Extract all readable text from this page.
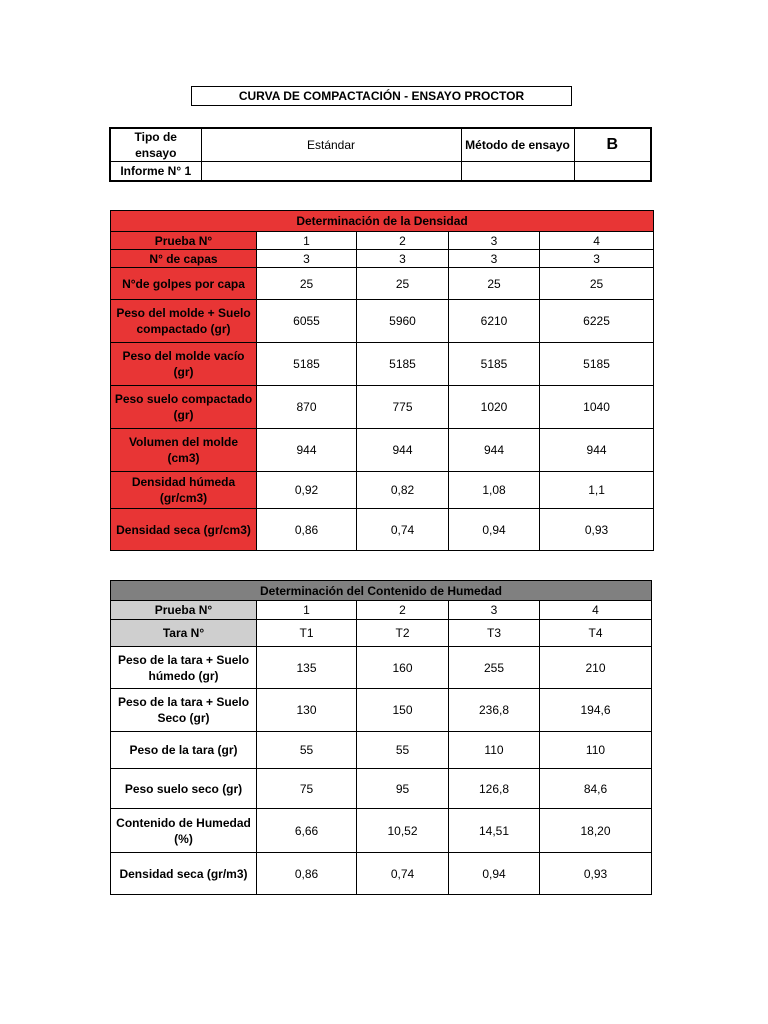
CURVA DE COMPACTACIÓN - ENSAYO PROCTOR
Tipo de ensayo	Estándar	Método de ensayo	B
Informe N° 1			
Determinación de la Densidad				
Prueba N°	1	2	3	4
N° de capas	3	3	3	3
N°de golpes por capa	25	25	25	25
Peso del molde + Suelo compactado (gr)	6055	5960	6210	6225
Peso del molde vacío (gr)	5185	5185	5185	5185
Peso suelo compactado (gr)	870	775	1020	1040
Volumen del molde (cm3)	944	944	944	944
Densidad húmeda (gr/cm3)	0,92	0,82	1,08	1,1
Densidad seca (gr/cm3)	0,86	0,74	0,94	0,93
Determinación del Contenido de Humedad				
Prueba N°	1	2	3	4
Tara N°	T1	T2	T3	T4
Peso de la tara + Suelo húmedo (gr)	135	160	255	210
Peso de la tara + Suelo Seco (gr)	130	150	236,8	194,6
Peso de la tara (gr)	55	55	110	110
Peso suelo seco (gr)	75	95	126,8	84,6
Contenido de Humedad (%)	6,66	10,52	14,51	18,20
Densidad seca (gr/m3)	0,86	0,74	0,94	0,93
